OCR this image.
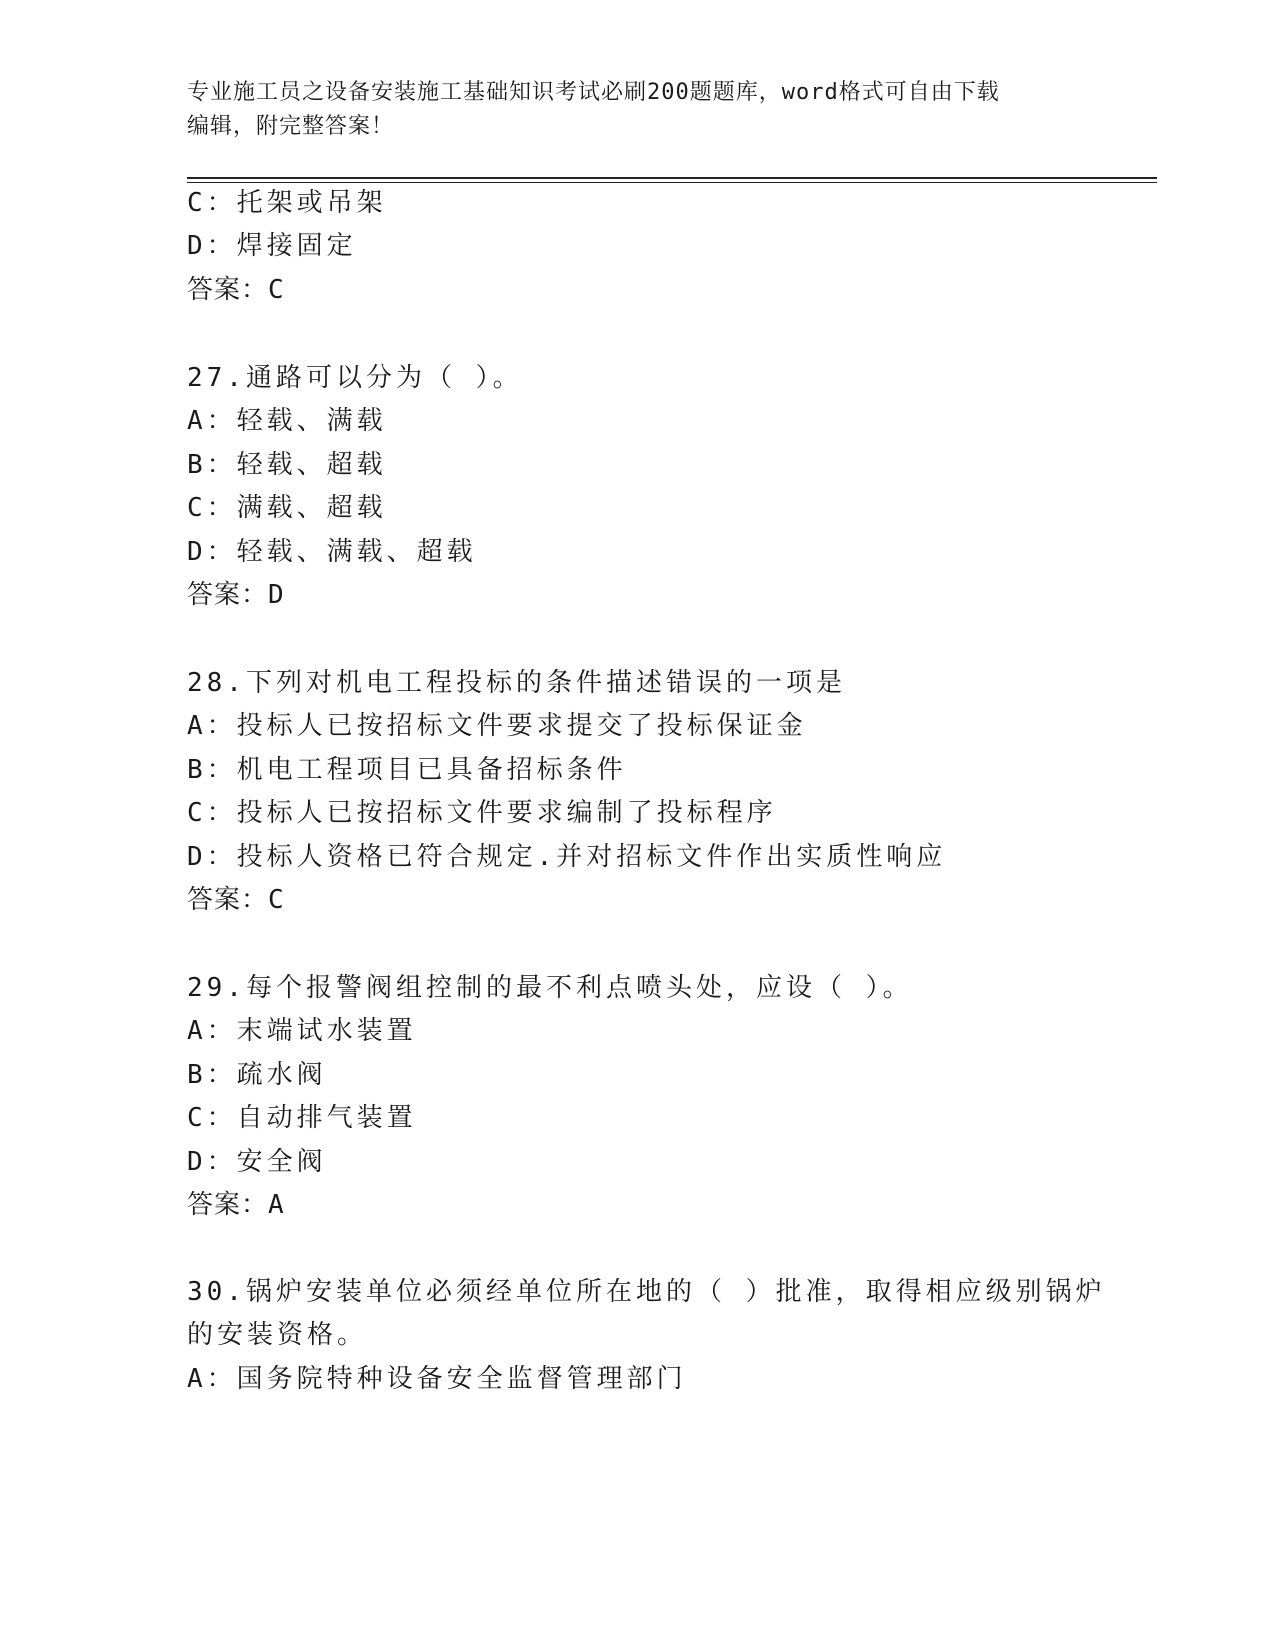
专业施工员之设备安装施工基础知识考试必刷200题题库，word格式可自由下载
编辑，附完整答案！
C：托架或吊架
D：焊接固定
答案：C
27.通路可以分为（ ）。
A：轻载、满载
B：轻载、超载
C：满载、超载
D：轻载、满载、超载
答案：D
28.下列对机电工程投标的条件描述错误的一项是
A：投标人已按招标文件要求提交了投标保证金
B：机电工程项目已具备招标条件
C：投标人已按招标文件要求编制了投标程序
D：投标人资格已符合规定.并对招标文件作出实质性响应
答案：C
29.每个报警阀组控制的最不利点喷头处，应设（ ）。
A：末端试水装置
B：疏水阀
C：自动排气装置
D：安全阀
答案：A
30.锅炉安装单位必须经单位所在地的（ ）批准，取得相应级别锅炉
的安装资格。
A：国务院特种设备安全监督管理部门
